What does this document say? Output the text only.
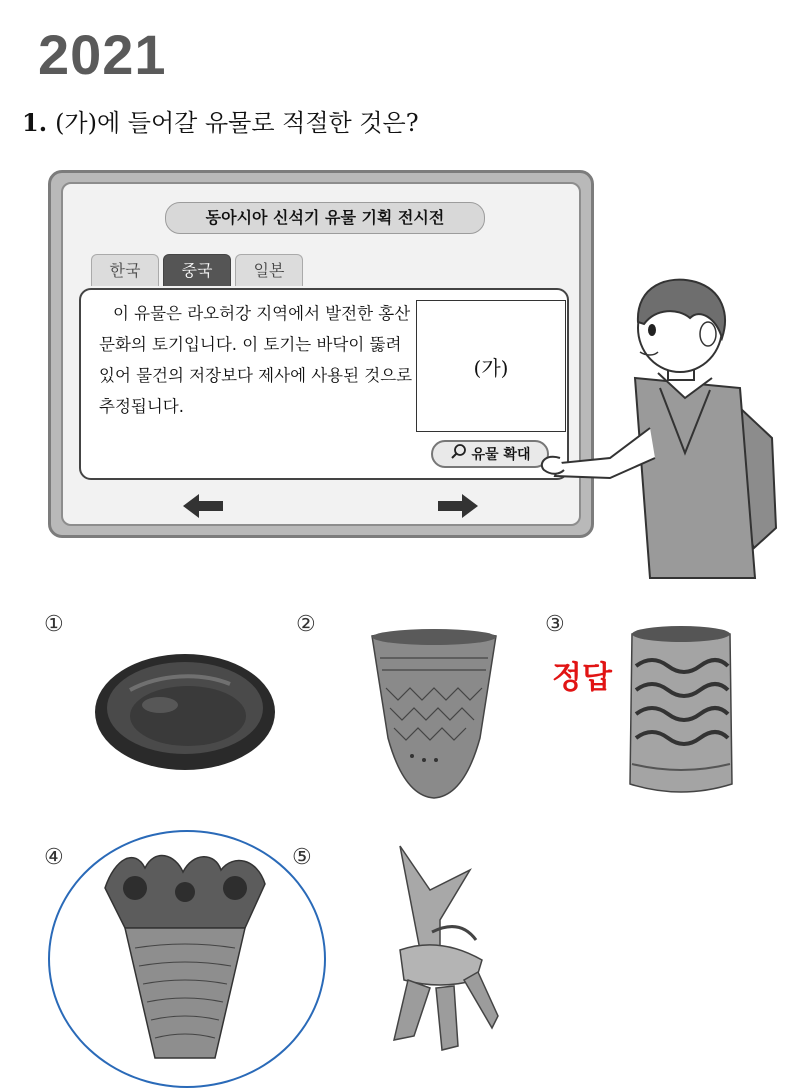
2021
1. (가)에 들어갈 유물로 적절한 것은?
동아시아 신석기 유물 기획 전시전
한국	중국	일본
이 유물은 라오허강 지역에서 발전한 홍산 문화의 토기입니다. 이 토기는 바닥이 뚫려 있어 물건의 저장보다 제사에 사용된 것으로 추정됩니다.
(가)
유물 확대
①	②	③
④	⑤
정답
